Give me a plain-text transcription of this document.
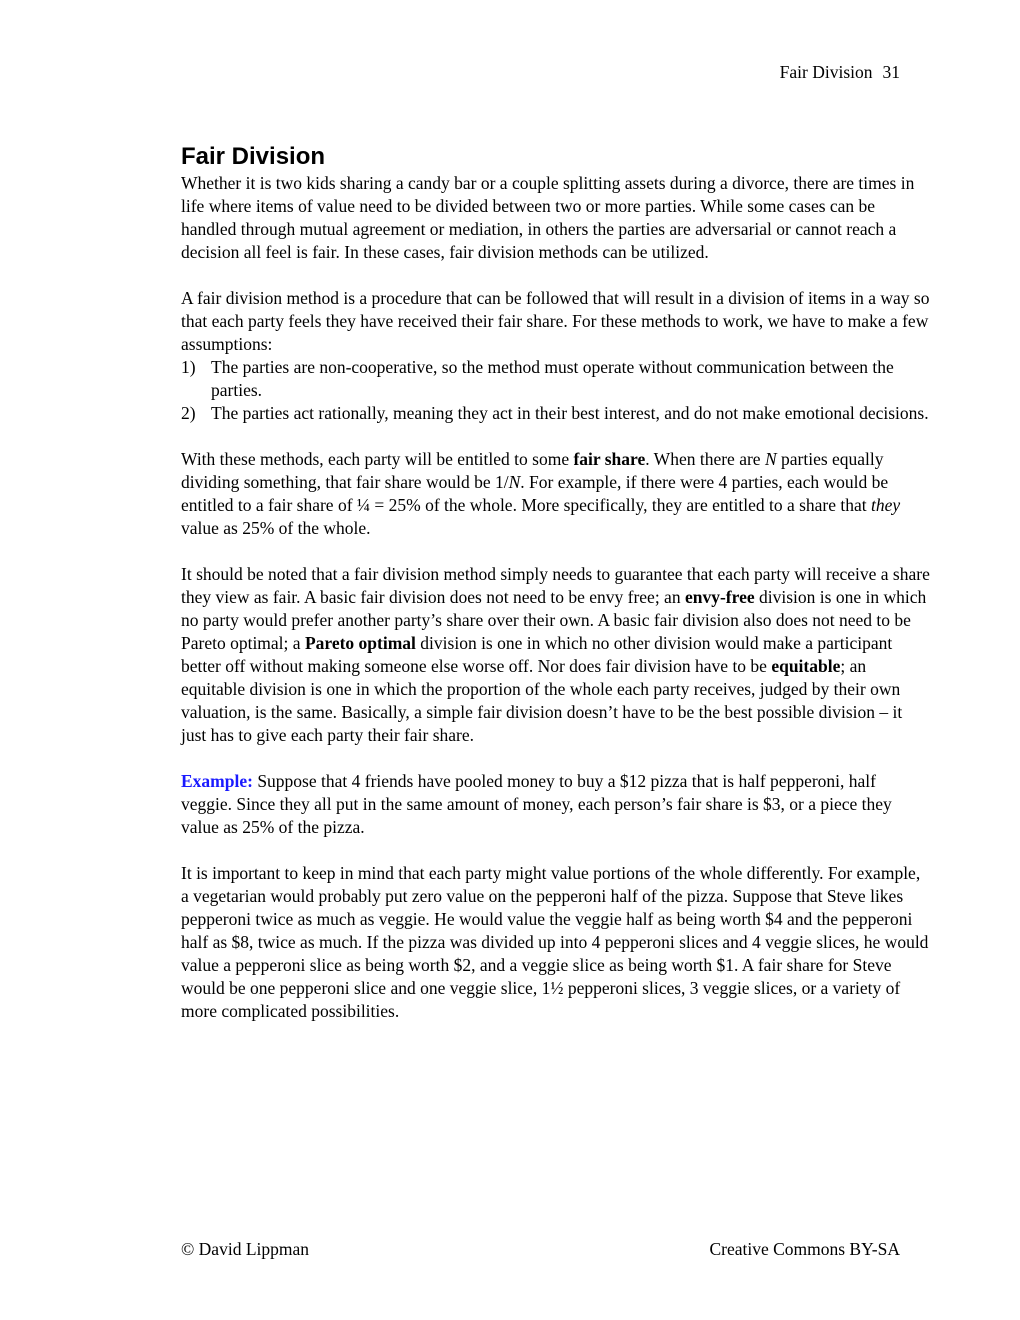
Fair Division 31
Fair Division

Whether it is two kids sharing a candy bar or a couple splitting assets during a divorce, there are times in life where items of value need to be divided between two or more parties. While some cases can be handled through mutual agreement or mediation, in others the parties are adversarial or cannot reach a decision all feel is fair. In these cases, fair division methods can be utilized.

A fair division method is a procedure that can be followed that will result in a division of items in a way so that each party feels they have received their fair share. For these methods to work, we have to make a few assumptions:

1) The parties are non-cooperative, so the method must operate without communication between the parties.
2) The parties act rationally, meaning they act in their best interest, and do not make emotional decisions.

With these methods, each party will be entitled to some fair share. When there are N parties equally dividing something, that fair share would be 1/N. For example, if there were 4 parties, each would be entitled to a fair share of ¼ = 25% of the whole. More specifically, they are entitled to a share that they value as 25% of the whole.

It should be noted that a fair division method simply needs to guarantee that each party will receive a share they view as fair. A basic fair division does not need to be envy free; an envy-free division is one in which no party would prefer another party’s share over their own. A basic fair division also does not need to be Pareto optimal; a Pareto optimal division is one in which no other division would make a participant better off without making someone else worse off. Nor does fair division have to be equitable; an equitable division is one in which the proportion of the whole each party receives, judged by their own valuation, is the same. Basically, a simple fair division doesn’t have to be the best possible division – it just has to give each party their fair share.

Example: Suppose that 4 friends have pooled money to buy a $12 pizza that is half pepperoni, half veggie. Since they all put in the same amount of money, each person’s fair share is $3, or a piece they value as 25% of the pizza.

It is important to keep in mind that each party might value portions of the whole differently. For example, a vegetarian would probably put zero value on the pepperoni half of the pizza. Suppose that Steve likes pepperoni twice as much as veggie. He would value the veggie half as being worth $4 and the pepperoni half as $8, twice as much. If the pizza was divided up into 4 pepperoni slices and 4 veggie slices, he would value a pepperoni slice as being worth $2, and a veggie slice as being worth $1. A fair share for Steve would be one pepperoni slice and one veggie slice, 1½ pepperoni slices, 3 veggie slices, or a variety of more complicated possibilities.

© David Lippman	Creative Commons BY-SA
